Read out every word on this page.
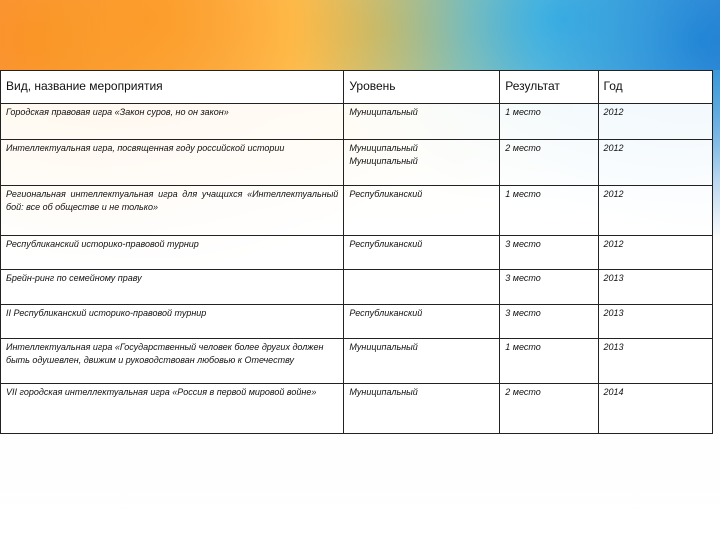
Вид, название мероприятия	Уровень	Результат	Год

Городская правовая игра «Закон суров, но он закон»	Муниципальный	1 место	2012

Интеллектуальная игра, посвященная году российской истории	Муниципальный Муниципальный	2 место	2012

Региональная интеллектуальная игра для учащихся «Интеллектуальный бой: все об обществе и не только»	Республиканский	1 место	2012

Республиканский историко-правовой турнир	Республиканский	3 место	2012

Брейн-ринг по семейному праву		3 место	2013

II Республиканский историко-правовой турнир	Республиканский	3 место	2013

Интеллектуальная игра «Государственный человек более других должен быть одушевлен, движим и руководствован любовью к Отечеству	Муниципальный	1 место	2013

VII городская интеллектуальная игра «Россия в первой мировой войне»	Муниципальный	2 место	2014
